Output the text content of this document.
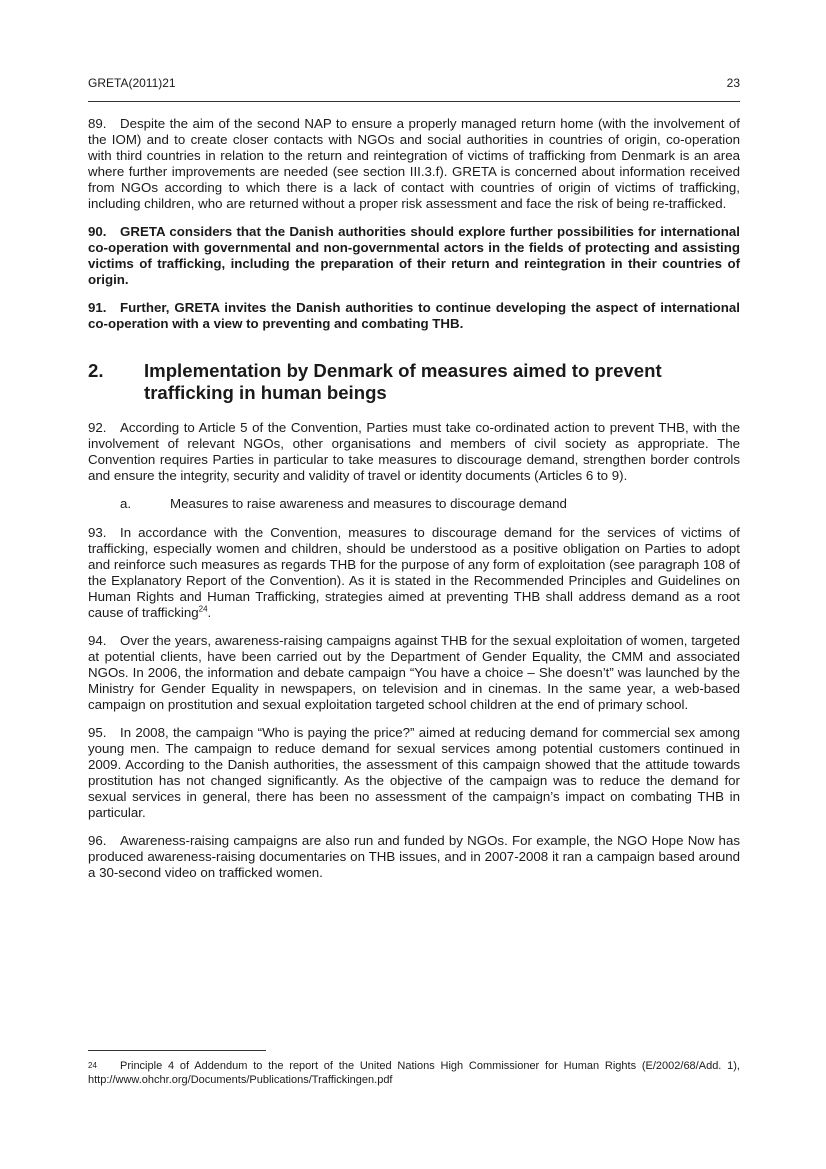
GRETA(2011)21	23

89. Despite the aim of the second NAP to ensure a properly managed return home (with the involvement of the IOM) and to create closer contacts with NGOs and social authorities in countries of origin, co-operation with third countries in relation to the return and reintegration of victims of trafficking from Denmark is an area where further improvements are needed (see section III.3.f). GRETA is concerned about information received from NGOs according to which there is a lack of contact with countries of origin of victims of trafficking, including children, who are returned without a proper risk assessment and face the risk of being re-trafficked.

90. GRETA considers that the Danish authorities should explore further possibilities for international co-operation with governmental and non-governmental actors in the fields of protecting and assisting victims of trafficking, including the preparation of their return and reintegration in their countries of origin.

91. Further, GRETA invites the Danish authorities to continue developing the aspect of international co-operation with a view to preventing and combating THB.

2.	Implementation by Denmark of measures aimed to prevent trafficking in human beings

92. According to Article 5 of the Convention, Parties must take co-ordinated action to prevent THB, with the involvement of relevant NGOs, other organisations and members of civil society as appropriate. The Convention requires Parties in particular to take measures to discourage demand, strengthen border controls and ensure the integrity, security and validity of travel or identity documents (Articles 6 to 9).

a.	Measures to raise awareness and measures to discourage demand

93. In accordance with the Convention, measures to discourage demand for the services of victims of trafficking, especially women and children, should be understood as a positive obligation on Parties to adopt and reinforce such measures as regards THB for the purpose of any form of exploitation (see paragraph 108 of the Explanatory Report of the Convention). As it is stated in the Recommended Principles and Guidelines on Human Rights and Human Trafficking, strategies aimed at preventing THB shall address demand as a root cause of trafficking$^{24}$.

94. Over the years, awareness-raising campaigns against THB for the sexual exploitation of women, targeted at potential clients, have been carried out by the Department of Gender Equality, the CMM and associated NGOs. In 2006, the information and debate campaign “You have a choice – She doesn’t” was launched by the Ministry for Gender Equality in newspapers, on television and in cinemas. In the same year, a web-based campaign on prostitution and sexual exploitation targeted school children at the end of primary school.

95. In 2008, the campaign “Who is paying the price?” aimed at reducing demand for commercial sex among young men. The campaign to reduce demand for sexual services among potential customers continued in 2009. According to the Danish authorities, the assessment of this campaign showed that the attitude towards prostitution has not changed significantly. As the objective of the campaign was to reduce the demand for sexual services in general, there has been no assessment of the campaign’s impact on combating THB in particular.

96. Awareness-raising campaigns are also run and funded by NGOs. For example, the NGO Hope Now has produced awareness-raising documentaries on THB issues, and in 2007-2008 it ran a campaign based around a 30-second video on trafficked women.

24 Principle 4 of Addendum to the report of the United Nations High Commissioner for Human Rights (E/2002/68/Add. 1), http://www.ohchr.org/Documents/Publications/Traffickingen.pdf
